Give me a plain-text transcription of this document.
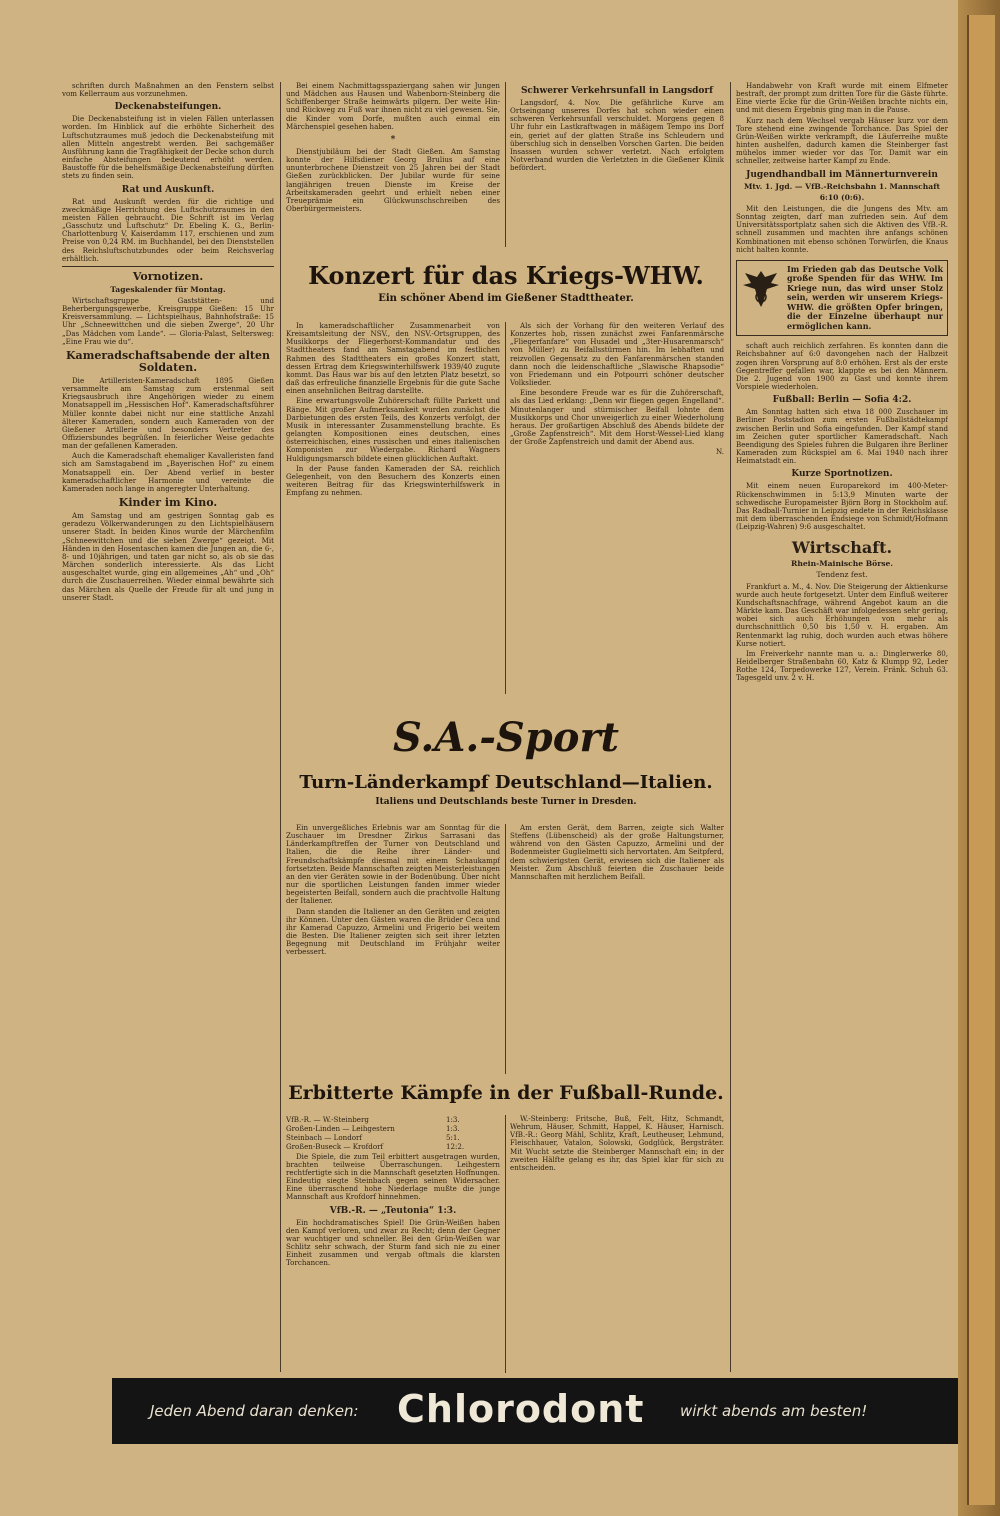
schriften durch Maßnahmen an den Fenstern selbst vom Kellerraum aus vorzunehmen.

Deckenabsteifungen.

Die Deckenabsteifung ist in vielen Fällen unterlassen worden. Im Hinblick auf die erhöhte Sicherheit des Luftschutzraumes muß jedoch die Deckenabsteifung mit allen Mitteln angestrebt werden. Bei sachgemäßer Ausführung kann die Tragfähigkeit der Decke schon durch einfache Absteifungen bedeutend erhöht werden. Baustoffe für die behelfsmäßige Deckenabsteifung dürften stets zu finden sein.

Rat und Auskunft.

Rat und Auskunft werden für die richtige und zweckmäßige Herrichtung des Luftschutzraumes in den meisten Fällen gebraucht. Die Schrift ist im Verlag „Gasschutz und Luftschutz“ Dr. Ebeling K. G., Berlin-Charlottenburg V, Kaiserdamm 117, erschienen und zum Preise von 0,24 RM. im Buchhandel, bei den Dienststellen des Reichsluftschutzbundes oder beim Reichsverlag erhältlich.

Vornotizen.
Tageskalender für Montag.

Wirtschaftsgruppe Gaststätten- und Beherbergungsgewerbe, Kreisgruppe Gießen: 15 Uhr Kreisversammlung. — Lichtspielhaus, Bahnhofstraße: 15 Uhr „Schneewittchen und die sieben Zwerge“, 20 Uhr „Das Mädchen vom Lande“. — Gloria-Palast, Seltersweg: „Eine Frau wie du“.

Kameradschaftsabende der alten Soldaten.

Die Artilleristen-Kameradschaft 1895 Gießen versammelte am Samstag zum erstenmal seit Kriegsausbruch ihre Angehörigen wieder zu einem Monatsappell im „Hessischen Hof“. Kameradschaftsführer Müller konnte dabei nicht nur eine stattliche Anzahl älterer Kameraden, sondern auch Kameraden von der Gießener Artillerie und besonders Vertreter des Offiziersbundes begrüßen. In feierlicher Weise gedachte man der gefallenen Kameraden.

Auch die Kameradschaft ehemaliger Kavalleristen fand sich am Samstagabend im „Bayerischen Hof“ zu einem Monatsappell ein. Der Abend verlief in bester kameradschaftlicher Harmonie und vereinte die Kameraden noch lange in angeregter Unterhaltung.

Kinder im Kino.

Am Samstag und am gestrigen Sonntag gab es geradezu Völkerwanderungen zu den Lichtspielhäusern unserer Stadt. In beiden Kinos wurde der Märchenfilm „Schneewittchen und die sieben Zwerge“ gezeigt. Mit Händen in den Hosentaschen kamen die Jungen an, die 6-, 8- und 10jährigen, und taten gar nicht so, als ob sie das Märchen sonderlich interessierte. Als das Licht ausgeschaltet wurde, ging ein allgemeines „Ah“ und „Oh“ durch die Zuschauerreihen. Wieder einmal bewährte sich das Märchen als Quelle der Freude für alt und jung in unserer Stadt.

Bei einem Nachmittagsspaziergang sahen wir Jungen und Mädchen aus Hausen und Wabenborn-Steinberg die Schiffenberger Straße heimwärts pilgern. Der weite Hin- und Rückweg zu Fuß war ihnen nicht zu viel gewesen. Sie, die Kinder vom Dorfe, mußten auch einmal ein Märchenspiel gesehen haben.

*

Dienstjubiläum bei der Stadt Gießen. Am Samstag konnte der Hilfsdiener Georg Brulius auf eine ununterbrochene Dienstzeit von 25 Jahren bei der Stadt Gießen zurückblicken. Der Jubilar wurde für seine langjährigen treuen Dienste im Kreise der Arbeitskameraden geehrt und erhielt neben einer Treueprämie ein Glückwunschschreiben des Oberbürgermeisters.

Schwerer Verkehrsunfall in Langsdorf

Langsdorf, 4. Nov. Die gefährliche Kurve am Ortseingang unseres Dorfes hat schon wieder einen schweren Verkehrsunfall verschuldet. Morgens gegen 8 Uhr fuhr ein Lastkraftwagen in mäßigem Tempo ins Dorf ein, geriet auf der glatten Straße ins Schleudern und überschlug sich in denselben Vorschen Garten. Die beiden Insassen wurden schwer verletzt. Nach erfolgtem Notverband wurden die Verletzten in die Gießener Klinik befördert.

Konzert für das Kriegs-WHW.
Ein schöner Abend im Gießener Stadttheater.

In kameradschaftlicher Zusammenarbeit von Kreisamtsleitung der NSV., den NSV.-Ortsgruppen, des Musikkorps der Fliegerhorst-Kommandatur und des Stadttheaters fand am Samstagabend im festlichen Rahmen des Stadttheaters ein großes Konzert statt, dessen Ertrag dem Kriegswinterhilfswerk 1939/40 zugute kommt. Das Haus war bis auf den letzten Platz besetzt, so daß das erfreuliche finanzielle Ergebnis für die gute Sache einen ansehnlichen Beitrag darstellte.

Eine erwartungsvolle Zuhörerschaft füllte Parkett und Ränge. Mit großer Aufmerksamkeit wurden zunächst die Darbietungen des ersten Teils, des Konzerts verfolgt, der Musik in interessanter Zusammenstellung brachte. Es gelangten Kompositionen eines deutschen, eines österreichischen, eines russischen und eines italienischen Komponisten zur Wiedergabe. Richard Wagners Huldigungsmarsch bildete einen glücklichen Auftakt.

In der Pause fanden Kameraden der SA. reichlich Gelegenheit, von den Besuchern des Konzerts einen weiteren Beitrag für das Kriegswinterhilfswerk in Empfang zu nehmen.

Als sich der Vorhang für den weiteren Verlauf des Konzertes hob, rissen zunächst zwei Fanfarenmärsche „Fliegerfanfare“ von Husadel und „3ter-Husarenmarsch“ von Müller) zu Beifallsstürmen hin. Im lebhaften und reizvollen Gegensatz zu den Fanfarenmärschen standen dann noch die leidenschaftliche „Slawische Rhapsodie“ von Friedemann und ein Potpourri schöner deutscher Volkslieder.

Eine besondere Freude war es für die Zuhörerschaft, als das Lied erklang: „Denn wir fliegen gegen Engelland“. Minutenlanger und stürmischer Beifall lohnte dem Musikkorps und Chor unweigerlich zu einer Wiederholung heraus. Der großartigen Abschluß des Abends bildete der „Große Zapfenstreich“. Mit dem Horst-Wessel-Lied klang der Große Zapfenstreich und damit der Abend aus.

N.
S.A.-Sport
Turn-Länderkampf Deutschland—Italien.
Italiens und Deutschlands beste Turner in Dresden.

Ein unvergeßliches Erlebnis war am Sonntag für die Zuschauer im Dresdner Zirkus Sarrasani das Länderkampftreffen der Turner von Deutschland und Italien, die die Reihe ihrer Länder- und Freundschaftskämpfe diesmal mit einem Schaukampf fortsetzten. Beide Mannschaften zeigten Meisterleistungen an den vier Geräten sowie in der Bodenübung. Über nicht nur die sportlichen Leistungen fanden immer wieder begeisterten Beifall, sondern auch die prachtvolle Haltung der Italiener.

Dann standen die Italiener an den Geräten und zeigten ihr Können. Unter den Gästen waren die Brüder Ceca und ihr Kamerad Capuzzo, Armelini und Frigerio bei weitem die Besten. Die Italiener zeigten sich seit ihrer letzten Begegnung mit Deutschland im Frühjahr weiter verbessert.

Am ersten Gerät, dem Barren, zeigte sich Walter Steffens (Lübenscheid) als der große Haltungsturner, während von den Gästen Capuzzo, Armelini und der Bodenmeister Guglielmetti sich hervortaten. Am Seitpferd, dem schwierigsten Gerät, erwiesen sich die Italiener als Meister. Zum Abschluß feierten die Zuschauer beide Mannschaften mit herzlichem Beifall.

Erbitterte Kämpfe in der Fußball-Runde.
VfB.-R. — W.-Steinberg	1:3.
Großen-Linden — Leihgestern	1:3.
Steinbach — Londorf	5:1.
Großen-Buseck — Krofdorf	12:2.

Die Spiele, die zum Teil erbittert ausgetragen wurden, brachten teilweise Überraschungen. Leihgestern rechtfertigte sich in die Mannschaft gesetzten Hoffnungen. Eindeutig siegte Steinbach gegen seinen Widersacher. Eine überraschend hohe Niederlage mußte die junge Mannschaft aus Krofdorf hinnehmen.

VfB.-R. — „Teutonia“ 1:3.

Ein hochdramatisches Spiel! Die Grün-Weißen haben den Kampf verloren, und zwar zu Recht; denn der Gegner war wuchtiger und schneller. Bei den Grün-Weißen war Schlitz sehr schwach, der Sturm fand sich nie zu einer Einheit zusammen und vergab oftmals die klarsten Torchancen.

W.-Steinberg: Fritsche, Buß, Felt, Hitz, Schmandt, Wehrum, Häuser, Schmitt, Happel, K. Häuser, Harnisch. VfB.-R.: Georg Mähl, Schlitz, Kraft, Leutheuser, Lehmund, Fleischhauer, Vatalon, Solowski, Godglück, Bergsträter. Mit Wucht setzte die Steinberger Mannschaft ein; in der zweiten Hälfte gelang es ihr, das Spiel klar für sich zu entscheiden.

Handabwehr von Kraft wurde mit einem Elfmeter bestraft, der prompt zum dritten Tore für die Gäste führte. Eine vierte Ecke für die Grün-Weißen brachte nichts ein, und mit diesem Ergebnis ging man in die Pause.

Kurz nach dem Wechsel vergab Häuser kurz vor dem Tore stehend eine zwingende Torchance. Das Spiel der Grün-Weißen wirkte verkrampft, die Läuferreihe mußte hinten aushelfen, dadurch kamen die Steinberger fast mühelos immer wieder vor das Tor. Damit war ein schneller, zeitweise harter Kampf zu Ende.

Jugendhandball im Männerturnverein
Mtv. 1. Jgd. — VfB.-Reichsbahn 1. Mannschaft
6:10 (0:6).

Mit den Leistungen, die die Jungens des Mtv. am Sonntag zeigten, darf man zufrieden sein. Auf dem Universitätssportplatz sahen sich die Aktiven des VfB.-R. schnell zusammen und machten ihre anfangs schönen Kombinationen mit ebenso schönen Torwürfen, die Knaus nicht halten konnte.

Im Frieden gab das Deutsche Volk große Spenden für das WHW. Im Kriege nun, das wird unser Stolz sein, werden wir unserem Kriegs-WHW. die größten Opfer bringen, die der Einzelne überhaupt nur ermöglichen kann.

schaft auch reichlich zerfahren. Es konnten dann die Reichsbahner auf 6:0 davongehen nach der Halbzeit zogen ihren Vorsprung auf 8:0 erhöhen. Erst als der erste Gegentreffer gefallen war, klappte es bei den Männern. Die 2. Jugend von 1900 zu Gast und konnte ihrem Vorspiele wiederholen.

Fußball: Berlin — Sofia 4:2.

Am Sonntag hatten sich etwa 18 000 Zuschauer im Berliner Poststadion zum ersten Fußballstädtekampf zwischen Berlin und Sofia eingefunden. Der Kampf stand im Zeichen guter sportlicher Kameradschaft. Nach Beendigung des Spieles fuhren die Bulgaren ihre Berliner Kameraden zum Rückspiel am 6. Mai 1940 nach ihrer Heimatstadt ein.

Kurze Sportnotizen.

Mit einem neuen Europarekord im 400-Meter-Rückenschwimmen in 5:13,9 Minuten warte der schwedische Europameister Björn Borg in Stockholm auf. Das Radball-Turnier in Leipzig endete in der Reichsklasse mit dem überraschenden Endsiege von Schmidt/Hofmann (Leipzig-Wahren) 9:6 ausgeschaltet.

Wirtschaft.
Rhein-Mainische Börse.
Tendenz fest.

Frankfurt a. M., 4. Nov. Die Steigerung der Aktienkurse wurde auch heute fortgesetzt. Unter dem Einfluß weiterer Kundschaftsnachfrage, während Angebot kaum an die Märkte kam. Das Geschäft war infolgedessen sehr gering, wobei sich auch Erhöhungen von mehr als durchschnittlich 0,50 bis 1,50 v. H. ergaben. Am Rentenmarkt lag ruhig, doch wurden auch etwas höhere Kurse notiert.

Im Freiverkehr nannte man u. a.: Dinglerwerke 80, Heidelberger Straßenbahn 60, Katz & Klumpp 92, Leder Rothe 124, Torpedowerke 127, Verein. Fränk. Schuh 63. Tagesgeld unv. 2 v. H.

Jeden Abend daran denken: Chlorodont wirkt abends am besten!
